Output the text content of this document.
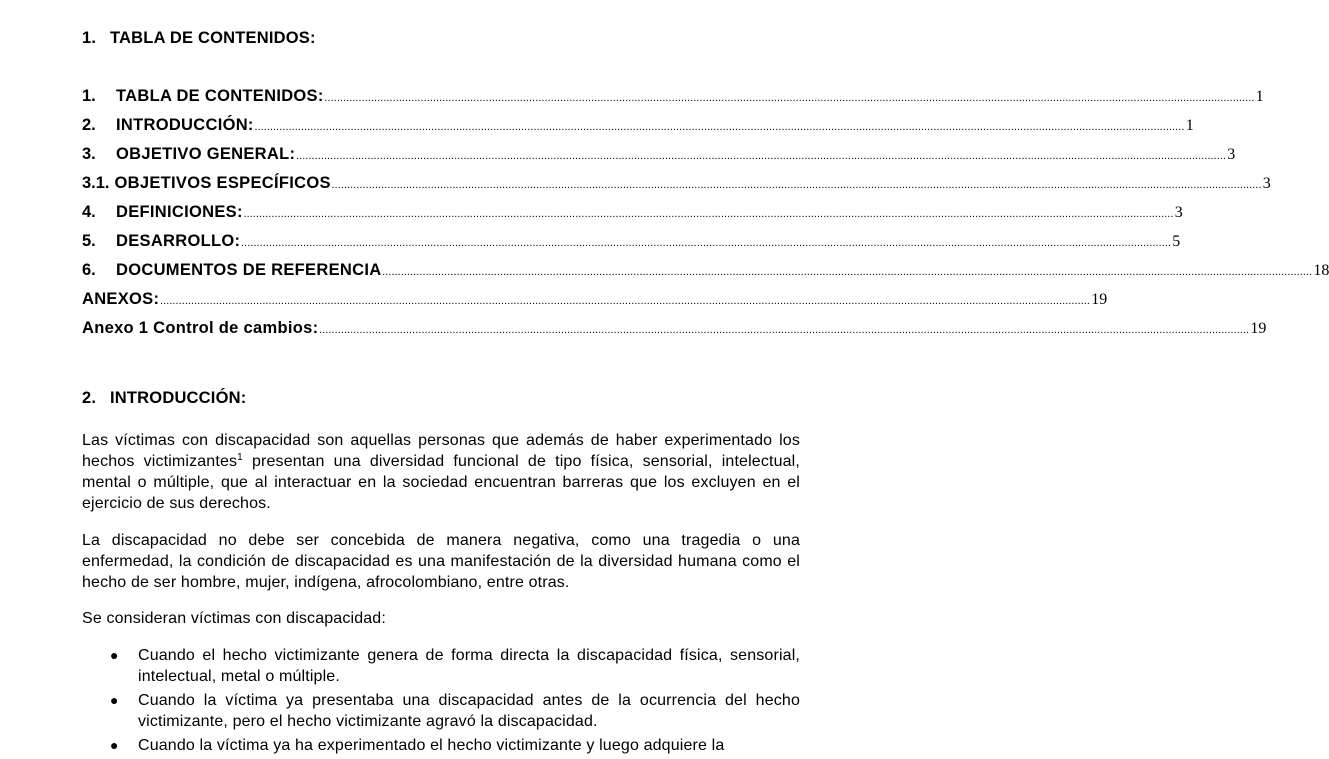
1. TABLA DE CONTENIDOS:
1.	TABLA DE CONTENIDOS: ............................................................................................................................................................................................................................................................................................................ 1
2.	INTRODUCCIÓN: ............................................................................................................................................................................................................................................................................................................ 1
3.	OBJETIVO GENERAL: ............................................................................................................................................................................................................................................................................................................ 3
3.1. OBJETIVOS ESPECÍFICOS ............................................................................................................................................................................................................................................................................................................ 3
4.	DEFINICIONES: ............................................................................................................................................................................................................................................................................................................ 3
5.	DESARROLLO: ............................................................................................................................................................................................................................................................................................................ 5
6.	DOCUMENTOS DE REFERENCIA ............................................................................................................................................................................................................................................................................................................ 18
ANEXOS: ............................................................................................................................................................................................................................................................................................................ 19
Anexo 1 Control de cambios: ............................................................................................................................................................................................................................................................................................................ 19
2. INTRODUCCIÓN:

Las víctimas con discapacidad son aquellas personas que además de haber experimentado los hechos victimizantes$^1$ presentan una diversidad funcional de tipo física, sensorial, intelectual, mental o múltiple, que al interactuar en la sociedad encuentran barreras que los excluyen en el ejercicio de sus derechos.

La discapacidad no debe ser concebida de manera negativa, como una tragedia o una enfermedad, la condición de discapacidad es una manifestación de la diversidad humana como el hecho de ser hombre, mujer, indígena, afrocolombiano, entre otras.

Se consideran víctimas con discapacidad:

● Cuando el hecho victimizante genera de forma directa la discapacidad física, sensorial, intelectual, metal o múltiple.
● Cuando la víctima ya presentaba una discapacidad antes de la ocurrencia del hecho victimizante, pero el hecho victimizante agravó la discapacidad.
● Cuando la víctima ya ha experimentado el hecho victimizante y luego adquiere la
